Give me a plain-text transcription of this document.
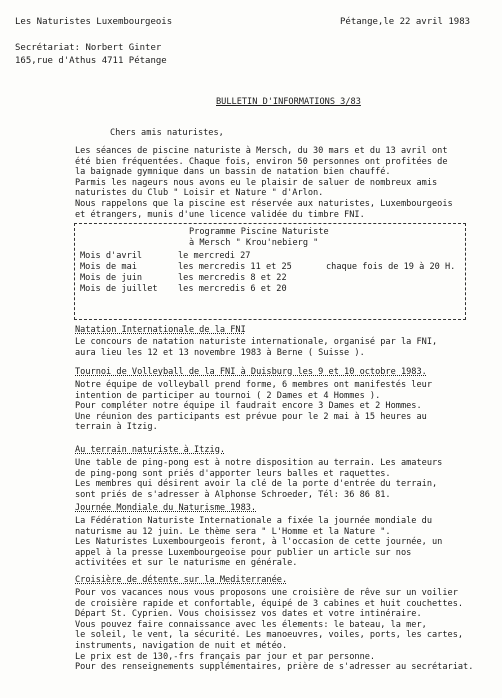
Les Naturistes Luxembourgeois	Pétange,le 22 avril 1983
Secrétariat: Norbert Ginter
165,rue d'Athus 4711 Pétange
BULLETIN D'INFORMATIONS 3/83
Chers amis naturistes,
Les séances de piscine naturiste à Mersch, du 30 mars et du 13 avril ont
été bien fréquentées. Chaque fois, environ 50 personnes ont profitées de
la baignade gymnique dans un bassin de natation bien chauffé.
Parmis les nageurs nous avons eu le plaisir de saluer de nombreux amis
naturistes du Club " Loisir et Nature " d'Arlon.
Nous rappelons que la piscine est réservée aux naturistes, Luxembourgeois
et étrangers, munis d'une licence validée du timbre FNI.
Programme Piscine Naturiste
à Mersch " Krou'nebierg "
Mois d'avril	le mercredi 27
Mois de mai	les mercredis 11 et 25	chaque fois de 19 à 20 H.
Mois de juin	les mercredis 8 et 22
Mois de juillet les mercredis 6 et 20
Natation Internationale de la FNI
Le concours de natation naturiste internationale, organisé par la FNI,
aura lieu les 12 et 13 novembre 1983 à Berne ( Suisse ).
Tournoi de Volleyball de la FNI à Duisburg les 9 et 10 octobre 1983.
Notre équipe de volleyball prend forme, 6 membres ont manifestés leur
intention de participer au tournoi ( 2 Dames et 4 Hommes ).
Pour compléter notre équipe il faudrait encore 3 Dames et 2 Hommes.
Une réunion des participants est prévue pour le 2 mai à 15 heures au
terrain à Itzig.
Au terrain naturiste à Itzig.
Une table de ping-pong est à notre disposition au terrain. Les amateurs
de ping-pong sont priés d'apporter leurs balles et raquettes.
Les membres qui désirent avoir la clé de la porte d'entrée du terrain,
sont priés de s'adresser à Alphonse Schroeder, Tél: 36 86 81.
Journée Mondiale du Naturisme 1983.
La Fédération Naturiste Internationale a fixée la journée mondiale du
naturisme au 12 juin. Le thème sera " L'Homme et la Nature ".
Les Naturistes Luxembourgeois feront, à l'occasion de cette journée, un
appel à la presse Luxembourgeoise pour publier un article sur nos
activitées et sur le naturisme en générale.
Croisière de détente sur la Mediterranée.
Pour vos vacances nous vous proposons une croisière de rêve sur un voilier
de croisière rapide et confortable, équipé de 3 cabines et huit couchettes.
Départ St. Cyprien. Vous choisissez vos dates et votre intinéraire.
Vous pouvez faire connaissance avec les élements: le bateau, la mer,
le soleil, le vent, la sécurité. Les manoeuvres, voiles, ports, les cartes,
instruments, navigation de nuit et météo.
Le prix est de 130,-frs français par jour et par personne.
Pour des renseignements supplémentaires, prière de s'adresser au secrétariat.
